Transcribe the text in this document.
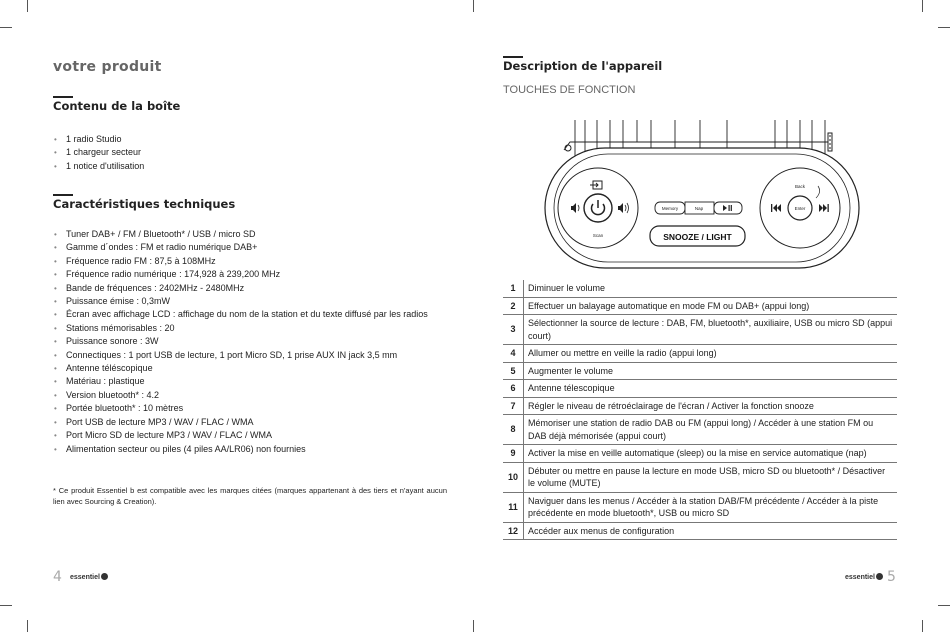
votre produit
Contenu de la boîte
• 1 radio Studio
• 1 chargeur secteur
• 1 notice d'utilisation
Caractéristiques techniques
• Tuner DAB+ / FM / Bluetooth* / USB / micro SD
• Gamme d´ondes : FM et radio numérique DAB+
• Fréquence radio FM : 87,5 à 108MHz
• Fréquence radio numérique : 174,928 à 239,200 MHz
• Bande de fréquences : 2402MHz - 2480MHz
• Puissance émise : 0,3mW
• Écran avec affichage LCD : affichage du nom de la station et du texte diffusé par les radios
• Stations mémorisables : 20
• Puissance sonore : 3W
• Connectiques : 1 port USB de lecture, 1 port Micro SD, 1 prise AUX IN jack 3,5 mm
• Antenne téléscopique
• Matériau : plastique
• Version bluetooth* : 4.2
• Portée bluetooth* : 10 mètres
• Port USB de lecture MP3 / WAV / FLAC / WMA
• Port Micro SD de lecture MP3 / WAV / FLAC / WMA
• Alimentation secteur ou piles (4 piles AA/LR06) non fournies
* Ce produit Essentiel b est compatible avec les marques citées (marques appartenant à des tiers et n'ayant aucun lien avec Sourcing & Creation).
4 essentiel
Description de l'appareil
TOUCHES DE FONCTION
Scan
Memory	Nap
SNOOZE / LIGHT
Enter
Back
1	Diminuer le volume
2	Effectuer un balayage automatique en mode FM ou DAB+ (appui long)
3	Sélectionner la source de lecture : DAB, FM, bluetooth*, auxiliaire, USB ou micro SD (appui court)
4	Allumer ou mettre en veille la radio (appui long)
5	Augmenter le volume
6	Antenne télescopique
7	Régler le niveau de rétroéclairage de l'écran / Activer la fonction snooze
8	Mémoriser une station de radio DAB ou FM (appui long) / Accéder à une station FM ou DAB déjà mémorisée (appui court)
9	Activer la mise en veille automatique (sleep) ou la mise en service automatique (nap)
10	Débuter ou mettre en pause la lecture en mode USB, micro SD ou bluetooth* / Désactiver le volume (MUTE)
11	Naviguer dans les menus / Accéder à la station DAB/FM précédente / Accéder à la piste précédente en mode bluetooth*, USB ou micro SD
12	Accéder aux menus de configuration
essentiel 5
